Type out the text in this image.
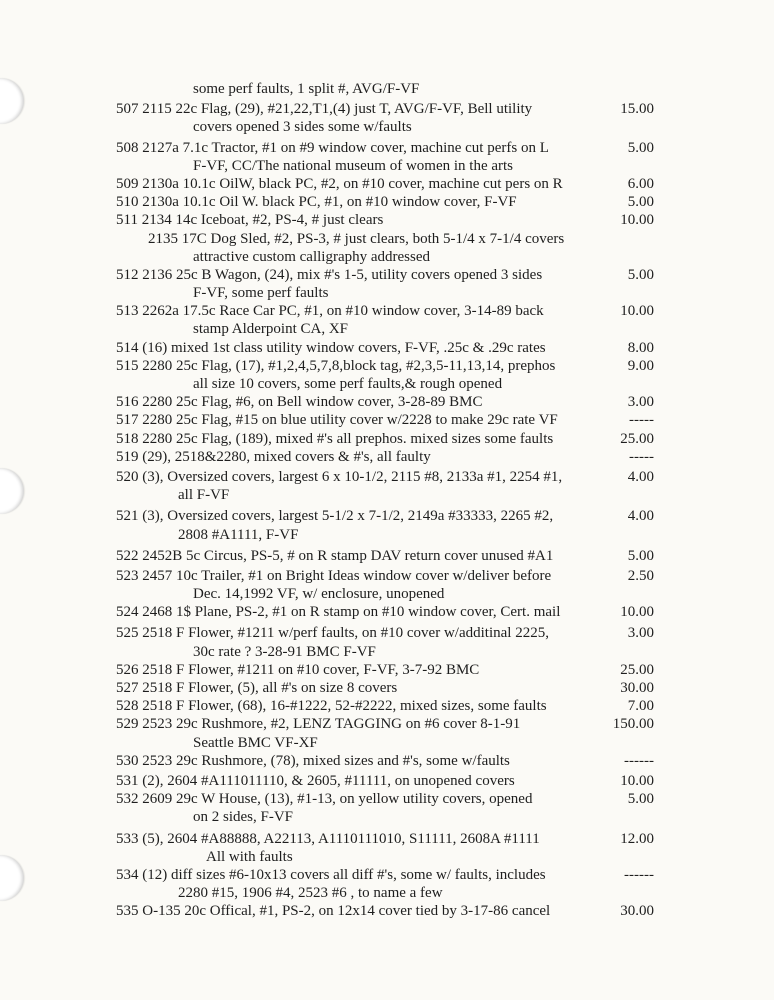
some perf faults, 1 split #, AVG/F-VF
507 2115 22c Flag, (29), #21,22,T1,(4) just T, AVG/F-VF, Bell utility	15.00
covers opened 3 sides some w/faults
508 2127a 7.1c Tractor, #1 on #9 window cover, machine cut perfs on L	5.00
F-VF, CC/The national museum of women in the arts
509 2130a 10.1c OilW, black PC, #2, on #10 cover, machine cut pers on R	6.00
510 2130a 10.1c Oil W. black PC, #1, on #10 window cover, F-VF	5.00
511 2134 14c Iceboat, #2, PS-4, # just clears	10.00
2135 17C Dog Sled, #2, PS-3, # just clears, both 5-1/4 x 7-1/4 covers
attractive custom calligraphy addressed
512 2136 25c B Wagon, (24), mix #'s 1-5, utility covers opened 3 sides	5.00
F-VF, some perf faults
513 2262a 17.5c Race Car PC, #1, on #10 window cover, 3-14-89 back	10.00
stamp Alderpoint CA, XF
514 (16) mixed 1st class utility window covers, F-VF, .25c & .29c rates	8.00
515 2280 25c Flag, (17), #1,2,4,5,7,8,block tag, #2,3,5-11,13,14, prephos	9.00
all size 10 covers, some perf faults,& rough opened
516 2280 25c Flag, #6, on Bell window cover, 3-28-89 BMC	3.00
517 2280 25c Flag, #15 on blue utility cover w/2228 to make 29c rate VF	-----
518 2280 25c Flag, (189), mixed #'s all prephos. mixed sizes some faults	25.00
519 (29), 2518&2280, mixed covers & #'s, all faulty	-----
520 (3), Oversized covers, largest 6 x 10-1/2, 2115 #8, 2133a #1, 2254 #1,	4.00
all F-VF
521 (3), Oversized covers, largest 5-1/2 x 7-1/2, 2149a #33333, 2265 #2,	4.00
2808 #A1111, F-VF
522 2452B 5c Circus, PS-5, # on R stamp DAV return cover unused #A1	5.00
523 2457 10c Trailer, #1 on Bright Ideas window cover w/deliver before	2.50
Dec. 14,1992 VF, w/ enclosure, unopened
524 2468 1$ Plane, PS-2, #1 on R stamp on #10 window cover, Cert. mail	10.00
525 2518 F Flower, #1211 w/perf faults, on #10 cover w/additinal 2225,	3.00
30c rate ? 3-28-91 BMC F-VF
526 2518 F Flower, #1211 on #10 cover, F-VF, 3-7-92 BMC	25.00
527 2518 F Flower, (5), all #'s on size 8 covers	30.00
528 2518 F Flower, (68), 16-#1222, 52-#2222, mixed sizes, some faults	7.00
529 2523 29c Rushmore, #2, LENZ TAGGING on #6 cover 8-1-91	150.00
Seattle BMC VF-XF
530 2523 29c Rushmore, (78), mixed sizes and #'s, some w/faults	------
531 (2), 2604 #A111011110, & 2605, #11111, on unopened covers	10.00
532 2609 29c W House, (13), #1-13, on yellow utility covers, opened	5.00
on 2 sides, F-VF
533 (5), 2604 #A88888, A22113, A1110111010, S11111, 2608A #1111	12.00
All with faults
534 (12) diff sizes #6-10x13 covers all diff #'s, some w/ faults, includes	------
2280 #15, 1906 #4, 2523 #6 , to name a few
535 O-135 20c Offical, #1, PS-2, on 12x14 cover tied by 3-17-86 cancel	30.00
